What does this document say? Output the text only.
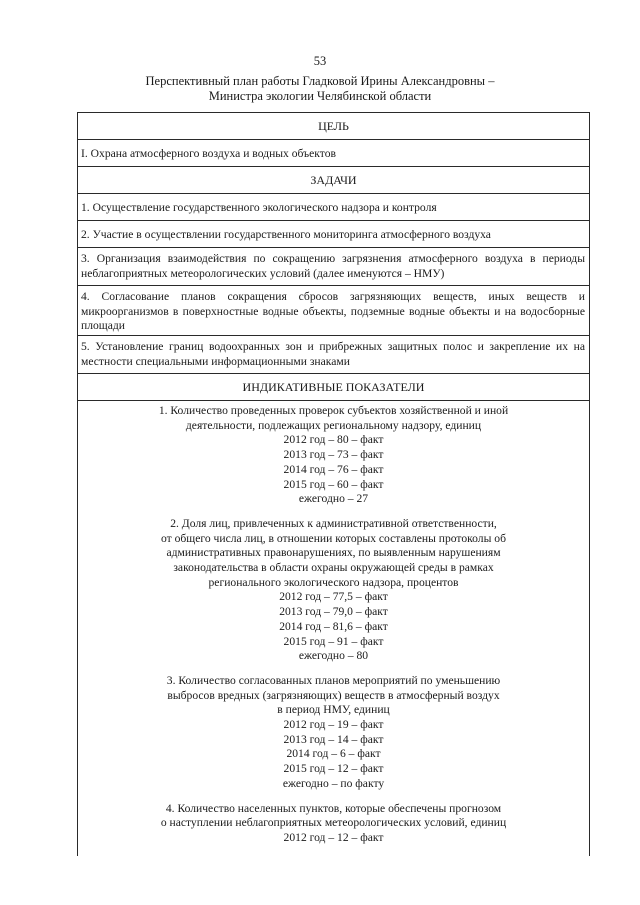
53
Перспективный план работы Гладковой Ирины Александровны –
Министра экологии Челябинской области
ЦЕЛЬ
I. Охрана атмосферного воздуха и водных объектов
ЗАДАЧИ
1. Осуществление государственного экологического надзора и контроля
2. Участие в осуществлении государственного мониторинга атмосферного воздуха
3. Организация взаимодействия по сокращению загрязнения атмосферного воздуха в периоды неблагоприятных метеорологических условий (далее именуются – НМУ)
4. Согласование планов сокращения сбросов загрязняющих веществ, иных веществ и микроорганизмов в поверхностные водные объекты, подземные водные объекты и на водосборные площади
5. Установление границ водоохранных зон и прибрежных защитных полос и закрепление их на местности специальными информационными знаками
ИНДИКАТИВНЫЕ ПОКАЗАТЕЛИ
1. Количество проведенных проверок субъектов хозяйственной и иной
деятельности, подлежащих региональному надзору, единиц
2012 год – 80 – факт
2013 год – 73 – факт
2014 год – 76 – факт
2015 год – 60 – факт
ежегодно – 27
2. Доля лиц, привлеченных к административной ответственности,
от общего числа лиц, в отношении которых составлены протоколы об
административных правонарушениях, по выявленным нарушениям
законодательства в области охраны окружающей среды в рамках
регионального экологического надзора, процентов
2012 год – 77,5 – факт
2013 год – 79,0 – факт
2014 год – 81,6 – факт
2015 год – 91 – факт
ежегодно – 80
3. Количество согласованных планов мероприятий по уменьшению
выбросов вредных (загрязняющих) веществ в атмосферный воздух
в период НМУ, единиц
2012 год – 19 – факт
2013 год – 14 – факт
2014 год – 6 – факт
2015 год – 12 – факт
ежегодно – по факту
4. Количество населенных пунктов, которые обеспечены прогнозом
о наступлении неблагоприятных метеорологических условий, единиц
2012 год – 12 – факт
